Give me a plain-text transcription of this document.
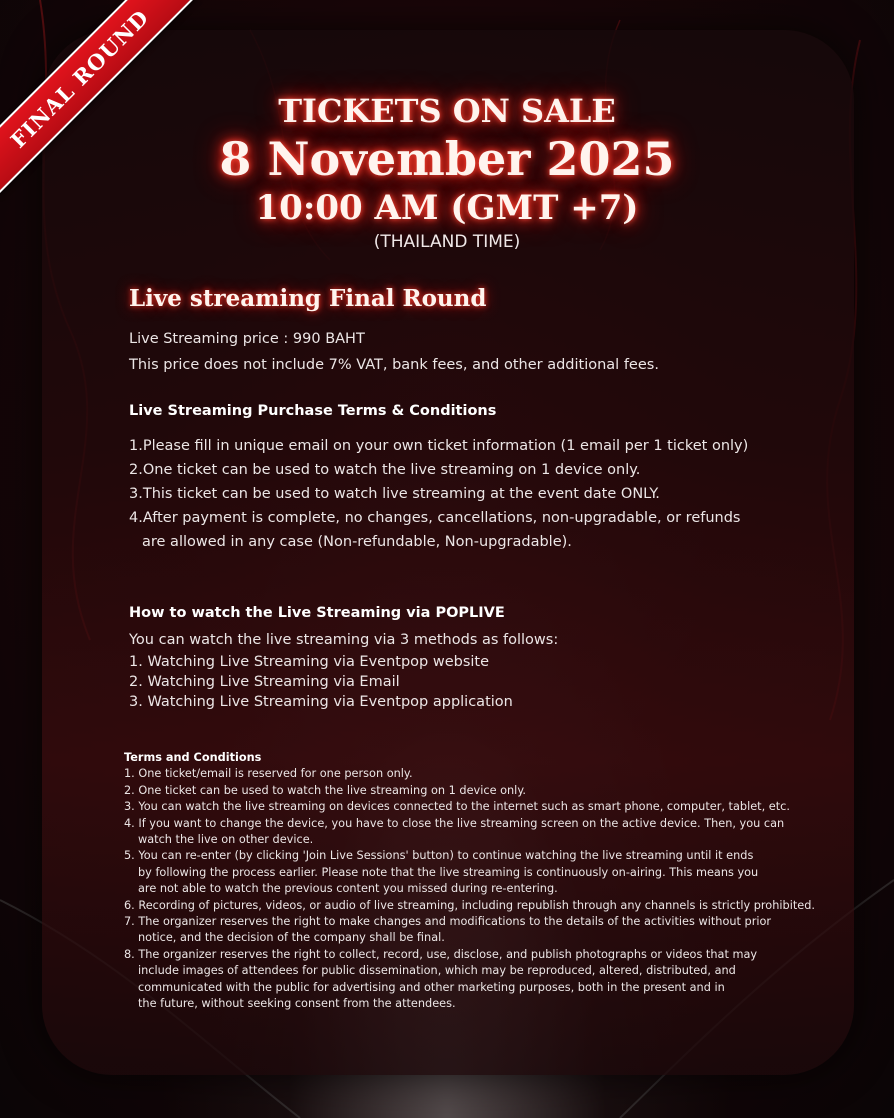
FINAL ROUND	TICKETS ON SALE

8 November 2025

10:00 AM (GMT +7)

(THAILAND TIME)

Live streaming Final Round

Live Streaming price : 990 BAHT

This price does not include 7% VAT, bank fees, and other additional fees.

Live Streaming Purchase Terms & Conditions

1.Please fill in unique email on your own ticket information (1 email per 1 ticket only)
2.One ticket can be used to watch the live streaming on 1 device only.
3.This ticket can be used to watch live streaming at the event date ONLY.
4.After payment is complete, no changes, cancellations, non-upgradable, or refunds
are allowed in any case (Non-refundable, Non-upgradable).

How to watch the Live Streaming via POPLIVE

You can watch the live streaming via 3 methods as follows:

1. Watching Live Streaming via Eventpop website
2. Watching Live Streaming via Email
3. Watching Live Streaming via Eventpop application
Terms and Conditions
1. One ticket/email is reserved for one person only.
2. One ticket can be used to watch the live streaming on 1 device only.
3. You can watch the live streaming on devices connected to the internet such as smart phone, computer, tablet, etc.
4. If you want to change the device, you have to close the live streaming screen on the active device. Then, you can
watch the live on other device.
5. You can re-enter (by clicking 'Join Live Sessions' button) to continue watching the live streaming until it ends
by following the process earlier. Please note that the live streaming is continuously on-airing. This means you
are not able to watch the previous content you missed during re-entering.
6. Recording of pictures, videos, or audio of live streaming, including republish through any channels is strictly prohibited.
7. The organizer reserves the right to make changes and modifications to the details of the activities without prior
notice, and the decision of the company shall be final.
8. The organizer reserves the right to collect, record, use, disclose, and publish photographs or videos that may
include images of attendees for public dissemination, which may be reproduced, altered, distributed, and
communicated with the public for advertising and other marketing purposes, both in the present and in
the future, without seeking consent from the attendees.
